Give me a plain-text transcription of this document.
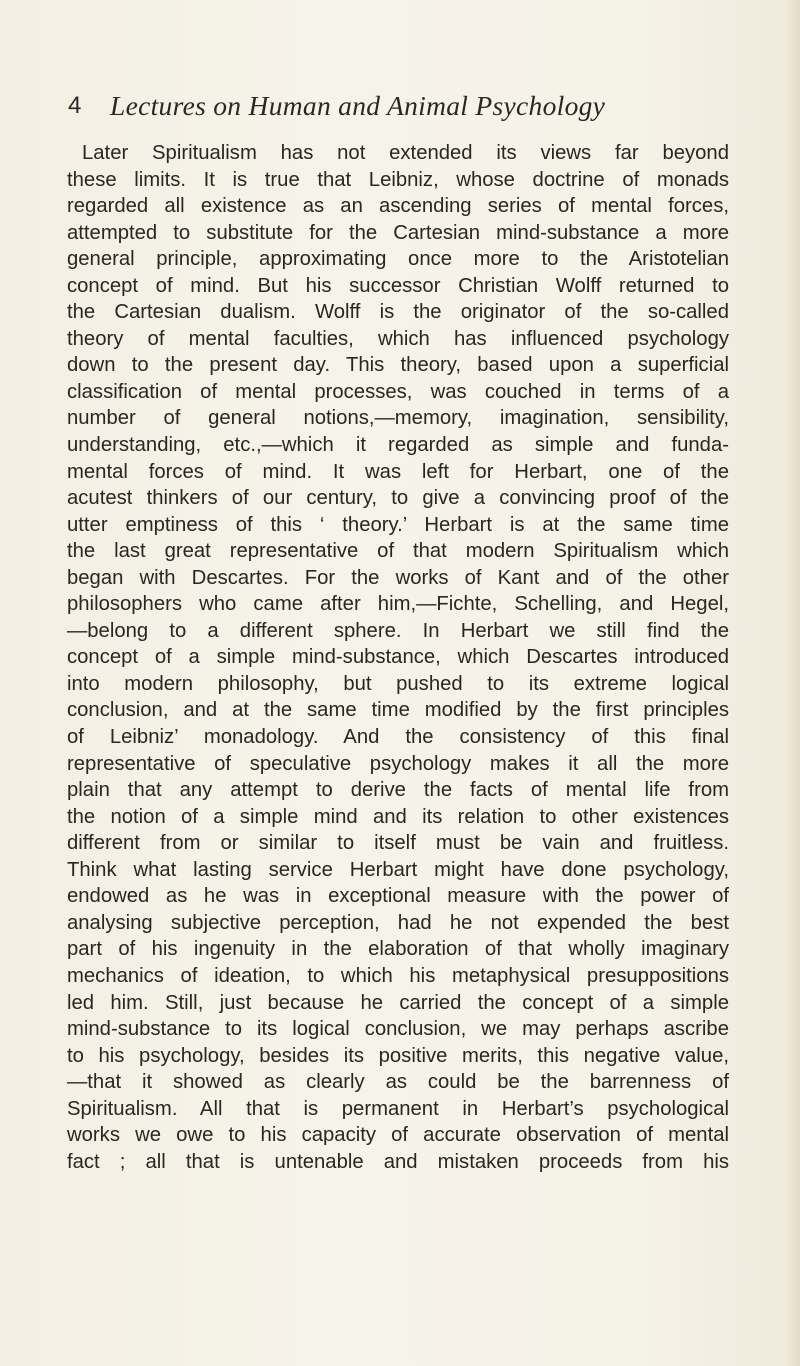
4 Lectures on Human and Animal Psychology
Later Spiritualism has not extended its views far beyond
these limits. It is true that Leibniz, whose doctrine of monads
regarded all existence as an ascending series of mental forces,
attempted to substitute for the Cartesian mind-substance a more
general principle, approximating once more to the Aristotelian
concept of mind. But his successor Christian Wolff returned to
the Cartesian dualism. Wolff is the originator of the so-called
theory of mental faculties, which has influenced psychology
down to the present day. This theory, based upon a superficial
classification of mental processes, was couched in terms of a
number of general notions,—memory, imagination, sensibility,
understanding, etc.,—which it regarded as simple and funda-
mental forces of mind. It was left for Herbart, one of the
acutest thinkers of our century, to give a convincing proof of the
utter emptiness of this ‘ theory.’ Herbart is at the same time
the last great representative of that modern Spiritualism which
began with Descartes. For the works of Kant and of the other
philosophers who came after him,—Fichte, Schelling, and Hegel,
—belong to a different sphere. In Herbart we still find the
concept of a simple mind-substance, which Descartes introduced
into modern philosophy, but pushed to its extreme logical
conclusion, and at the same time modified by the first principles
of Leibniz’ monadology. And the consistency of this final
representative of speculative psychology makes it all the more
plain that any attempt to derive the facts of mental life from
the notion of a simple mind and its relation to other existences
different from or similar to itself must be vain and fruitless.
Think what lasting service Herbart might have done psychology,
endowed as he was in exceptional measure with the power of
analysing subjective perception, had he not expended the best
part of his ingenuity in the elaboration of that wholly imaginary
mechanics of ideation, to which his metaphysical presuppositions
led him. Still, just because he carried the concept of a simple
mind-substance to its logical conclusion, we may perhaps ascribe
to his psychology, besides its positive merits, this negative value,
—that it showed as clearly as could be the barrenness of
Spiritualism. All that is permanent in Herbart’s psychological
works we owe to his capacity of accurate observation of mental
fact ; all that is untenable and mistaken proceeds from his
